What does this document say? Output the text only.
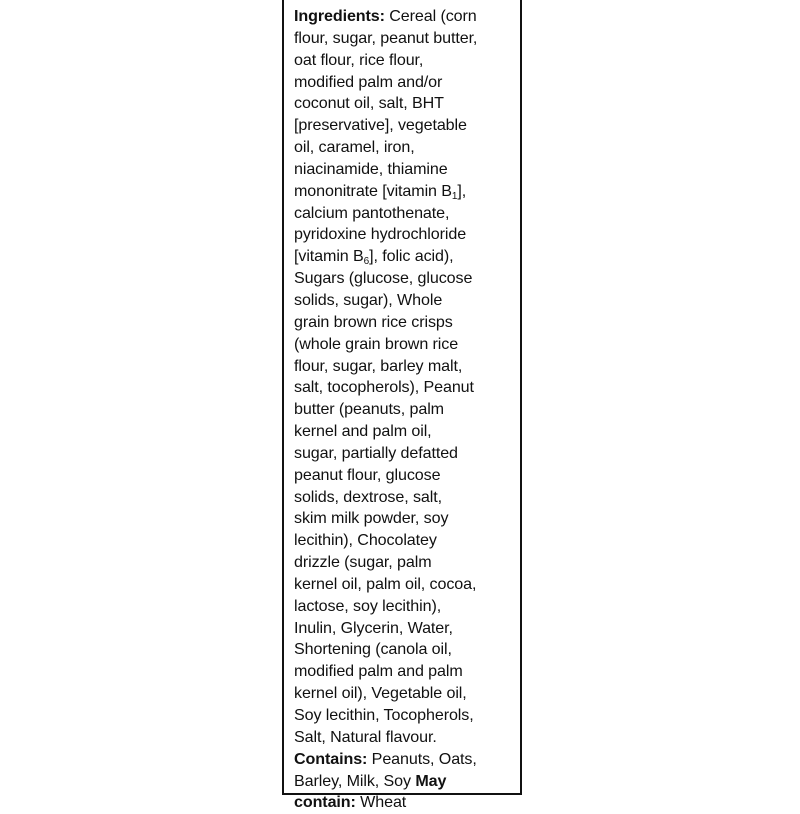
Ingredients: Cereal (corn
flour, sugar, peanut butter,
oat flour, rice flour,
modified palm and/or
coconut oil, salt, BHT
[preservative], vegetable
oil, caramel, iron,
niacinamide, thiamine
mononitrate [vitamin $B_1$],
calcium pantothenate,
pyridoxine hydrochloride
[vitamin $B_6$], folic acid),
Sugars (glucose, glucose
solids, sugar), Whole
grain brown rice crisps
(whole grain brown rice
flour, sugar, barley malt,
salt, tocopherols), Peanut
butter (peanuts, palm
kernel and palm oil,
sugar, partially defatted
peanut flour, glucose
solids, dextrose, salt,
skim milk powder, soy
lecithin), Chocolatey
drizzle (sugar, palm
kernel oil, palm oil, cocoa,
lactose, soy lecithin),
Inulin, Glycerin, Water,
Shortening (canola oil,
modified palm and palm
kernel oil), Vegetable oil,
Soy lecithin, Tocopherols,
Salt, Natural flavour.
Contains: Peanuts, Oats,
Barley, Milk, Soy May
contain: Wheat
